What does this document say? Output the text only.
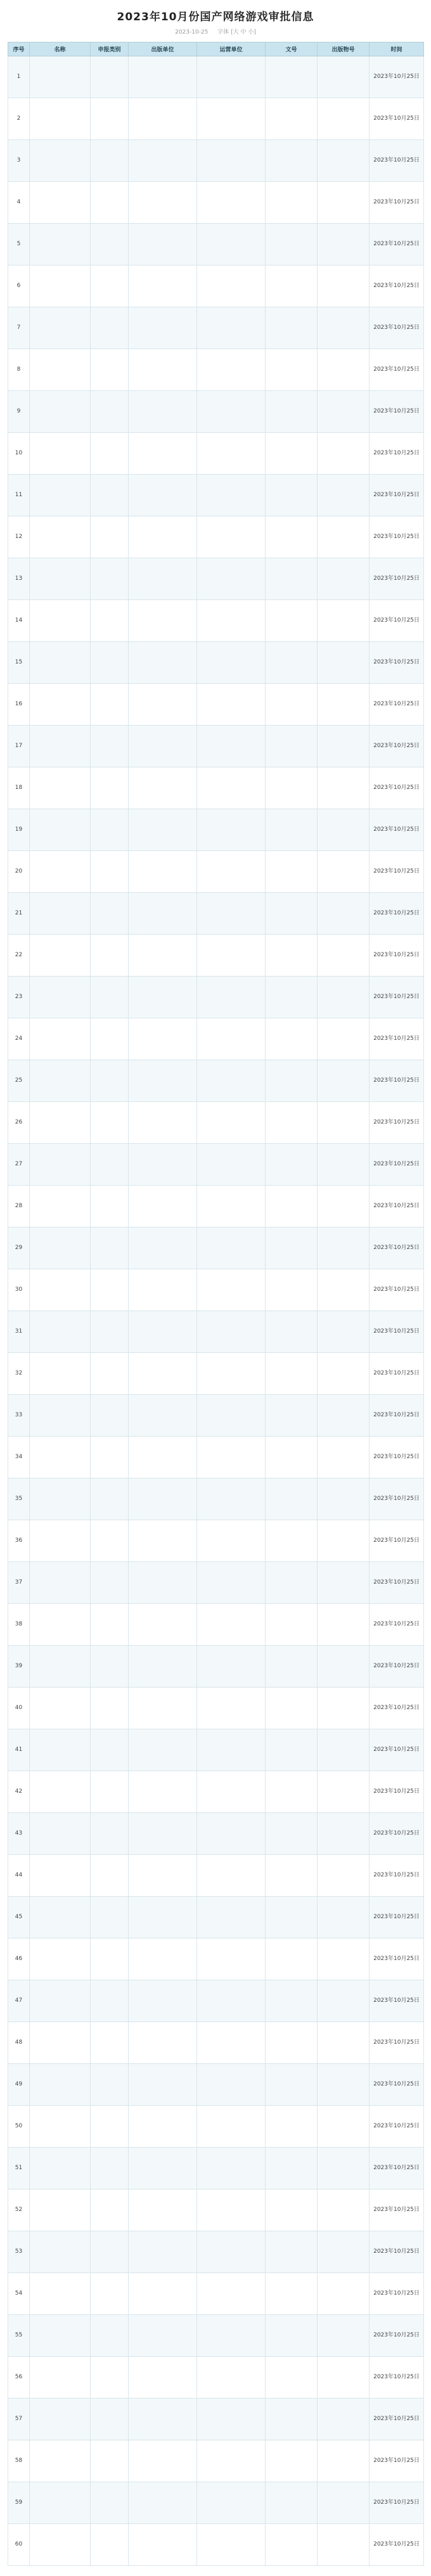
2023年10月份国产网络游戏审批信息
2023-10-25 字体 [大 中 小]
序号	名称	申报类别	出版单位	运营单位	文号	出版物号	时间
1							2023年10月25日
2							2023年10月25日
3							2023年10月25日
4							2023年10月25日
5							2023年10月25日
6							2023年10月25日
7							2023年10月25日
8							2023年10月25日
9							2023年10月25日
10							2023年10月25日
11							2023年10月25日
12							2023年10月25日
13							2023年10月25日
14							2023年10月25日
15							2023年10月25日
16							2023年10月25日
17							2023年10月25日
18							2023年10月25日
19							2023年10月25日
20							2023年10月25日
21							2023年10月25日
22							2023年10月25日
23							2023年10月25日
24							2023年10月25日
25							2023年10月25日
26							2023年10月25日
27							2023年10月25日
28							2023年10月25日
29							2023年10月25日
30							2023年10月25日
31							2023年10月25日
32							2023年10月25日
33							2023年10月25日
34							2023年10月25日
35							2023年10月25日
36							2023年10月25日
37							2023年10月25日
38							2023年10月25日
39							2023年10月25日
40							2023年10月25日
41							2023年10月25日
42							2023年10月25日
43							2023年10月25日
44							2023年10月25日
45							2023年10月25日
46							2023年10月25日
47							2023年10月25日
48							2023年10月25日
49							2023年10月25日
50							2023年10月25日
51							2023年10月25日
52							2023年10月25日
53							2023年10月25日
54							2023年10月25日
55							2023年10月25日
56							2023年10月25日
57							2023年10月25日
58							2023年10月25日
59							2023年10月25日
60							2023年10月25日
